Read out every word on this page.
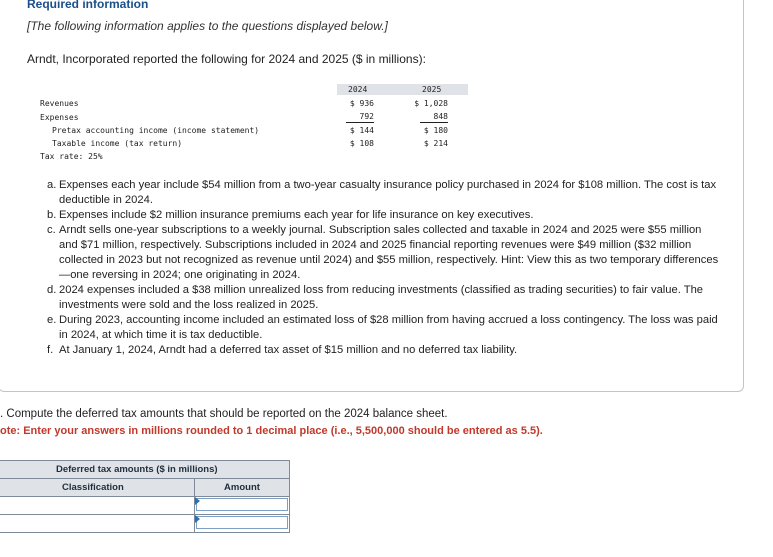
Required information
[The following information applies to the questions displayed below.]
Arndt, Incorporated reported the following for 2024 and 2025 ($ in millions):
2024	2025
Revenues	$ 936	$ 1,028
Expenses	792	848
Pretax accounting income (income statement)	$ 144	$ 180
Taxable income (tax return)	$ 108	$ 214
Tax rate: 25%
a. Expenses each year include $54 million from a two-year casualty insurance policy purchased in 2024 for $108 million. The cost is tax deductible in 2024.
b. Expenses include $2 million insurance premiums each year for life insurance on key executives.
c. Arndt sells one-year subscriptions to a weekly journal. Subscription sales collected and taxable in 2024 and 2025 were $55 million and $71 million, respectively. Subscriptions included in 2024 and 2025 financial reporting revenues were $49 million ($32 million collected in 2023 but not recognized as revenue until 2024) and $55 million, respectively. Hint: View this as two temporary differences—one reversing in 2024; one originating in 2024.
d. 2024 expenses included a $38 million unrealized loss from reducing investments (classified as trading securities) to fair value. The investments were sold and the loss realized in 2025.
e. During 2023, accounting income included an estimated loss of $28 million from having accrued a loss contingency. The loss was paid in 2024, at which time it is tax deductible.
f. At January 1, 2024, Arndt had a deferred tax asset of $15 million and no deferred tax liability.
. Compute the deferred tax amounts that should be reported on the 2024 balance sheet.
ote: Enter your answers in millions rounded to 1 decimal place (i.e., 5,500,000 should be entered as 5.5).
Deferred tax amounts ($ in millions)
Classification	Amount
